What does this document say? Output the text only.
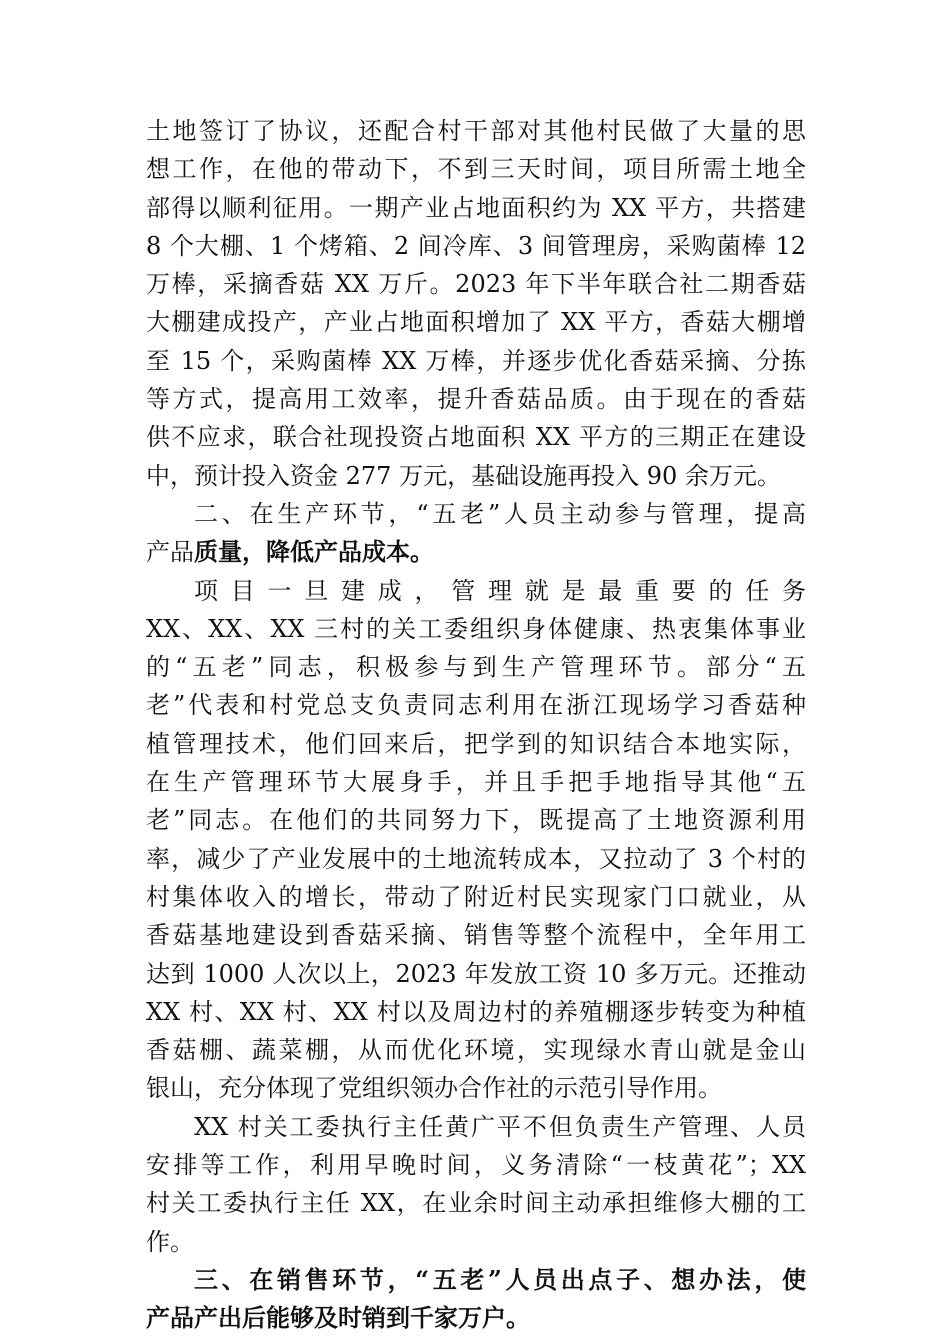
土地签订了协议，还配合村干部对其他村民做了大量的思
想工作，在他的带动下，不到三天时间，项目所需土地全
部得以顺利征用。一期产业占地面积约为 XX 平方，共搭建
8 个大棚、1 个烤箱、2 间冷库、3 间管理房，采购菌棒 12
万棒，采摘香菇 XX 万斤。2023 年下半年联合社二期香菇
大棚建成投产，产业占地面积增加了 XX 平方，香菇大棚增
至 15 个，采购菌棒 XX 万棒，并逐步优化香菇采摘、分拣
等方式，提高用工效率，提升香菇品质。由于现在的香菇
供不应求，联合社现投资占地面积 XX 平方的三期正在建设
中，预计投入资金 277 万元，基础设施再投入 90 余万元。
二、在生产环节，“五老”人员主动参与管理，提高
产品质量，降低产品成本。
项 目 一 旦 建 成 ， 管 理 就 是 最 重 要 的 任 务
XX、XX、XX 三村的关工委组织身体健康、热衷集体事业
的“五老”同志，积极参与到生产管理环节。部分“五
老”代表和村党总支负责同志利用在浙江现场学习香菇种
植管理技术，他们回来后，把学到的知识结合本地实际，
在生产管理环节大展身手，并且手把手地指导其他“五
老”同志。在他们的共同努力下，既提高了土地资源利用
率，减少了产业发展中的土地流转成本，又拉动了 3 个村的
村集体收入的增长，带动了附近村民实现家门口就业，从
香菇基地建设到香菇采摘、销售等整个流程中，全年用工
达到 1000 人次以上，2023 年发放工资 10 多万元。还推动
XX 村、XX 村、XX 村以及周边村的养殖棚逐步转变为种植
香菇棚、蔬菜棚，从而优化环境，实现绿水青山就是金山
银山，充分体现了党组织领办合作社的示范引导作用。
XX 村关工委执行主任黄广平不但负责生产管理、人员
安排等工作，利用早晚时间，义务清除“一枝黄花”；XX
村关工委执行主任 XX，在业余时间主动承担维修大棚的工
作。
三、在销售环节，“五老”人员出点子、想办法，使
产品产出后能够及时销到千家万户。
